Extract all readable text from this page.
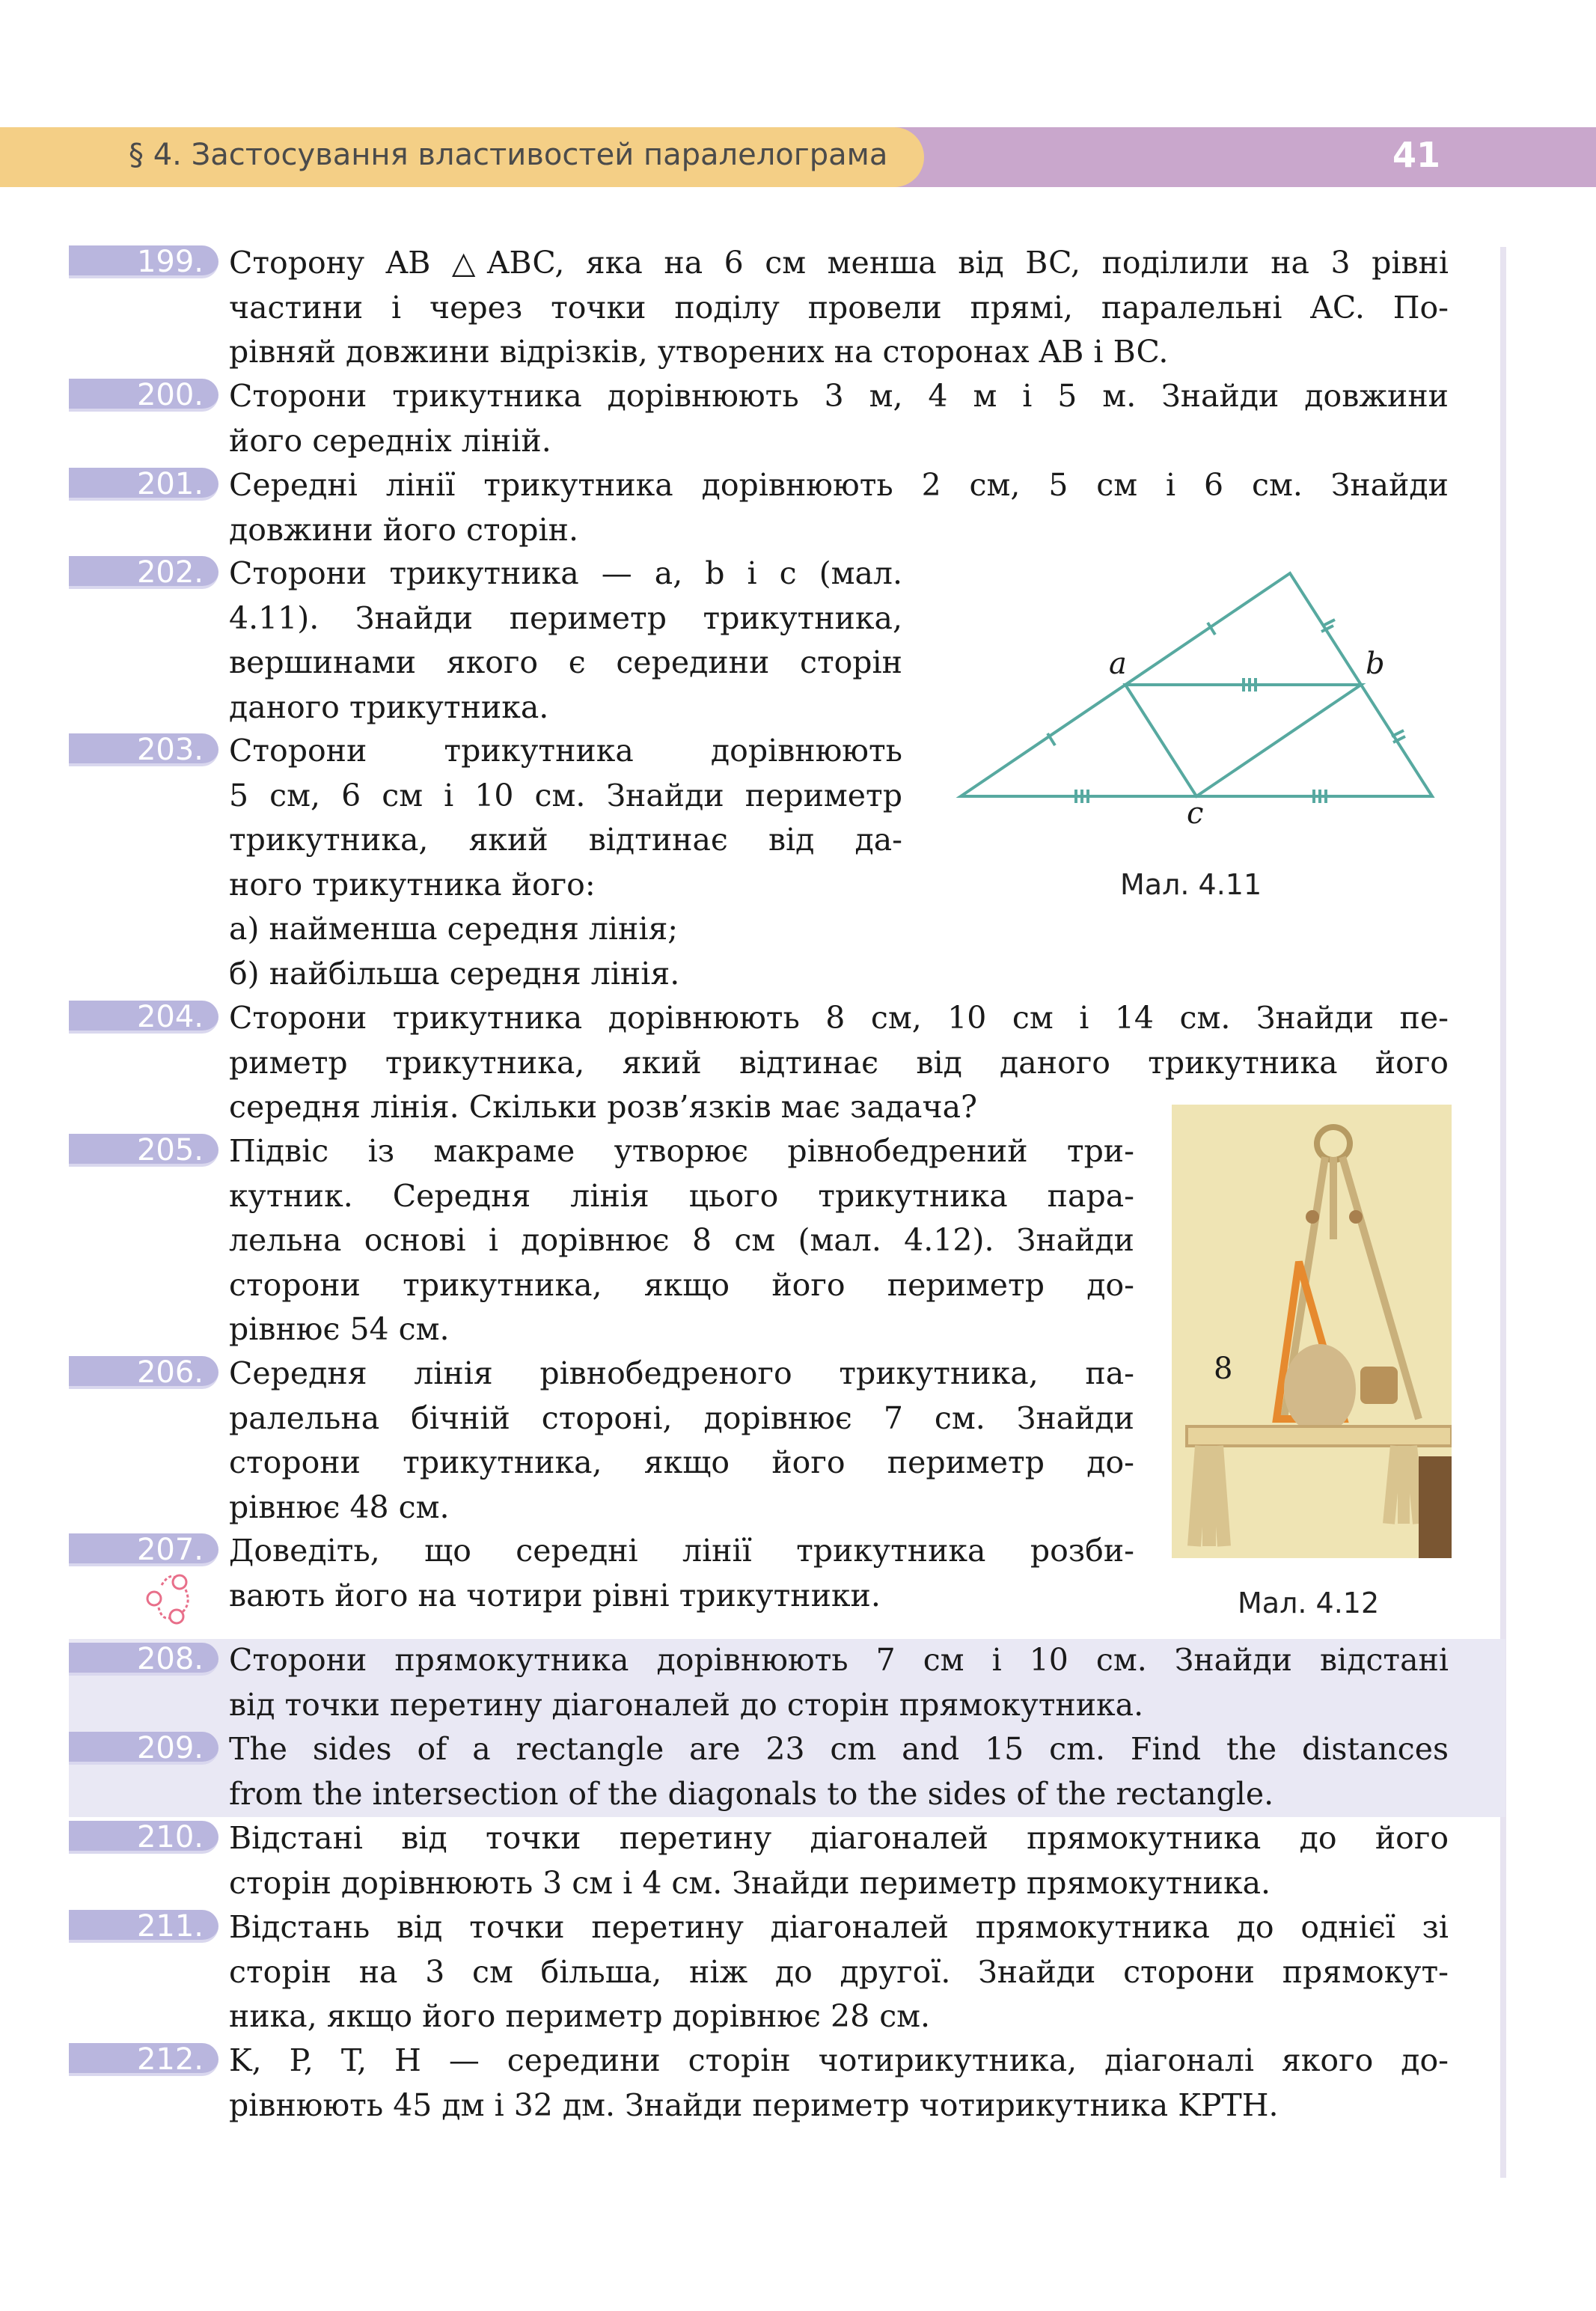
§ 4. Застосування властивостей паралелограма	41
199. Сторону AB △ABC, яка на 6 см менша від BC, поділили на 3 рівні
частини і через точки поділу провели прямі, паралельні AC. По-
рівняй довжини відрізків, утворених на сторонах AB і BC.
200. Сторони трикутника дорівнюють 3 м, 4 м і 5 м. Знайди довжини
його середніх ліній.
201. Середні лінії трикутника дорівнюють 2 см, 5 см і 6 см. Знайди
довжини його сторін.
202. Сторони трикутника — a, b і c (мал.
4.11). Знайди периметр трикутника,
вершинами якого є середини сторін
даного трикутника.
203. Сторони трикутника дорівнюють
5 см, 6 см і 10 см. Знайди периметр
трикутника, який відтинає від да-
ного трикутника його:
а) найменша середня лінія;
б) найбільша середня лінія.
204. Сторони трикутника дорівнюють 8 см, 10 см і 14 см. Знайди пе-
риметр трикутника, який відтинає від даного трикутника його
середня лінія. Скільки розв’язків має задача?
205. Підвіс із макраме утворює рівнобедрений три-
кутник. Середня лінія цього трикутника пара-
лельна основі і дорівнює 8 см (мал. 4.12). Знайди
сторони трикутника, якщо його периметр до-
рівнює 54 см.
206. Середня лінія рівнобедреного трикутника, па-
ралельна бічній стороні, дорівнює 7 см. Знайди
сторони трикутника, якщо його периметр до-
рівнює 48 см.
207. Доведіть, що середні лінії трикутника розби-
вають його на чотири рівні трикутники.
208. Сторони прямокутника дорівнюють 7 см і 10 см. Знайди відстані
від точки перетину діагоналей до сторін прямокутника.
209. The sides of a rectangle are 23 cm and 15 cm. Find the distances
from the intersection of the diagonals to the sides of the rectangle.
210. Відстані від точки перетину діагоналей прямокутника до його
сторін дорівнюють 3 см і 4 см. Знайди периметр прямокутника.
211. Відстань від точки перетину діагоналей прямокутника до однієї зі
сторін на 3 см більша, ніж до другої. Знайди сторони прямокут-
ника, якщо його периметр дорівнює 28 см.
212. K, P, T, H — середини сторін чотирикутника, діагоналі якого до-
рівнюють 45 дм і 32 дм. Знайди периметр чотирикутника KPTH.
a	b
c
Мал. 4.11
8
Мал. 4.12
